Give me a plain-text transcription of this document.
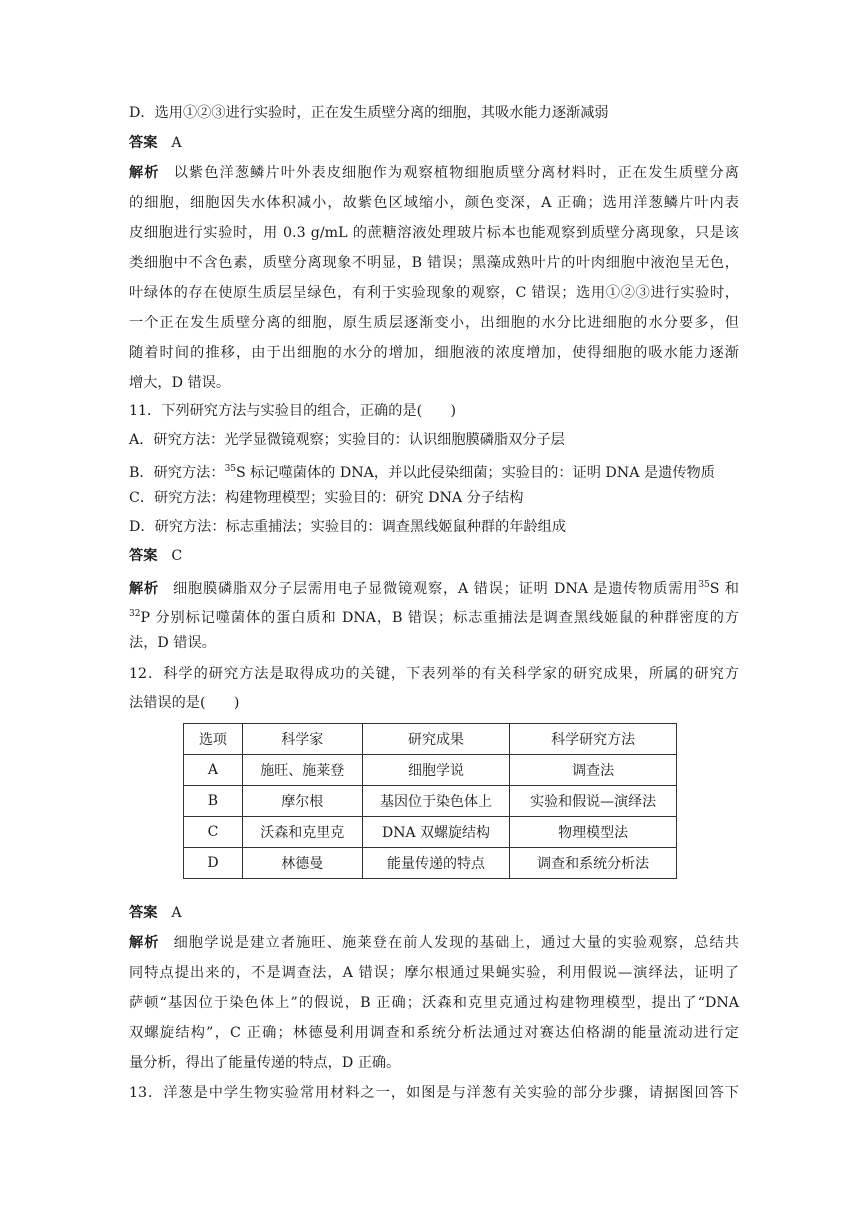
D．选用①②③进行实验时，正在发生质壁分离的细胞，其吸水能力逐渐减弱
答案 A
解析 以紫色洋葱鳞片叶外表皮细胞作为观察植物细胞质壁分离材料时，正在发生质壁分离
的细胞，细胞因失水体积减小，故紫色区域缩小，颜色变深，A 正确；选用洋葱鳞片叶内表
皮细胞进行实验时，用 0.3 g/mL 的蔗糖溶液处理玻片标本也能观察到质壁分离现象，只是该
类细胞中不含色素，质壁分离现象不明显，B 错误；黑藻成熟叶片的叶肉细胞中液泡呈无色，
叶绿体的存在使原生质层呈绿色，有利于实验现象的观察，C 错误；选用①②③进行实验时，
一个正在发生质壁分离的细胞，原生质层逐渐变小，出细胞的水分比进细胞的水分要多，但
随着时间的推移，由于出细胞的水分的增加，细胞液的浓度增加，使得细胞的吸水能力逐渐
增大，D 错误。
11．下列研究方法与实验目的组合，正确的是(　　)
A．研究方法：光学显微镜观察；实验目的：认识细胞膜磷脂双分子层
B．研究方法：$^{35}$S 标记噬菌体的 DNA，并以此侵染细菌；实验目的：证明 DNA 是遗传物质
C．研究方法：构建物理模型；实验目的：研究 DNA 分子结构
D．研究方法：标志重捕法；实验目的：调查黑线姬鼠种群的年龄组成
答案 C
解析 细胞膜磷脂双分子层需用电子显微镜观察，A 错误；证明 DNA 是遗传物质需用$^{35}$S 和
$^{32}$P 分别标记噬菌体的蛋白质和 DNA，B 错误；标志重捕法是调查黑线姬鼠的种群密度的方
法，D 错误。
12．科学的研究方法是取得成功的关键，下表列举的有关科学家的研究成果，所属的研究方
法错误的是(　　)
选项	科学家	研究成果	科学研究方法
A	施旺、施莱登	细胞学说	调查法
B	摩尔根	基因位于染色体上	实验和假说—演绎法
C	沃森和克里克	DNA 双螺旋结构	物理模型法
D	林德曼	能量传递的特点	调查和系统分析法
答案 A
解析 细胞学说是建立者施旺、施莱登在前人发现的基础上，通过大量的实验观察，总结共
同特点提出来的，不是调查法，A 错误；摩尔根通过果蝇实验，利用假说—演绎法，证明了
萨顿“基因位于染色体上”的假说，B 正确；沃森和克里克通过构建物理模型，提出了“DNA
双螺旋结构”，C 正确；林德曼利用调查和系统分析法通过对赛达伯格湖的能量流动进行定
量分析，得出了能量传递的特点，D 正确。
13．洋葱是中学生物实验常用材料之一，如图是与洋葱有关实验的部分步骤，请据图回答下
